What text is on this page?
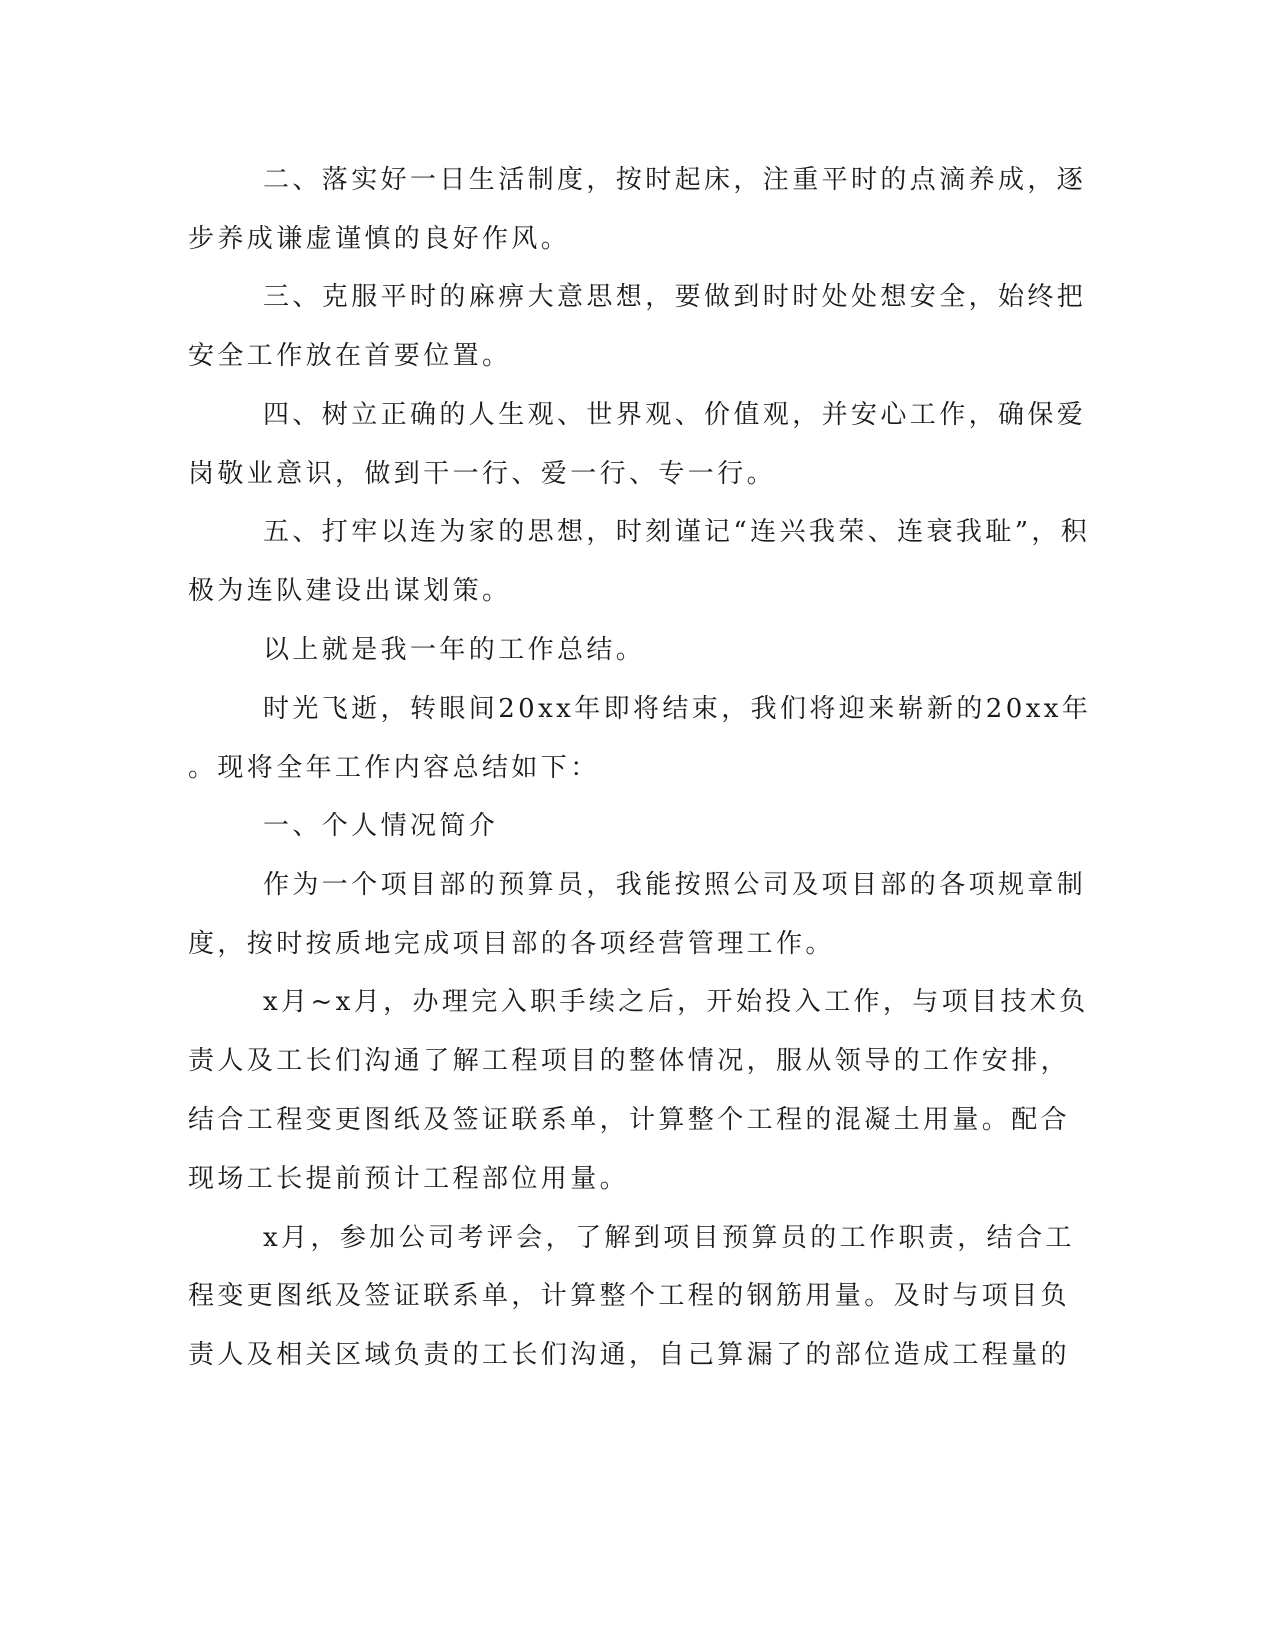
二、落实好一日生活制度，按时起床，注重平时的点滴养成，逐

步养成谦虚谨慎的良好作风。

三、克服平时的麻痹大意思想，要做到时时处处想安全，始终把

安全工作放在首要位置。

四、树立正确的人生观、世界观、价值观，并安心工作，确保爱

岗敬业意识，做到干一行、爱一行、专一行。

五、打牢以连为家的思想，时刻谨记“连兴我荣、连衰我耻”，积

极为连队建设出谋划策。

以上就是我一年的工作总结。

时光飞逝，转眼间20xx年即将结束，我们将迎来崭新的20xx年

。现将全年工作内容总结如下：

一、个人情况简介

作为一个项目部的预算员，我能按照公司及项目部的各项规章制

度，按时按质地完成项目部的各项经营管理工作。

x月~x月，办理完入职手续之后，开始投入工作，与项目技术负

责人及工长们沟通了解工程项目的整体情况，服从领导的工作安排，

结合工程变更图纸及签证联系单，计算整个工程的混凝土用量。配合

现场工长提前预计工程部位用量。

x月，参加公司考评会，了解到项目预算员的工作职责，结合工

程变更图纸及签证联系单，计算整个工程的钢筋用量。及时与项目负

责人及相关区域负责的工长们沟通，自己算漏了的部位造成工程量的
